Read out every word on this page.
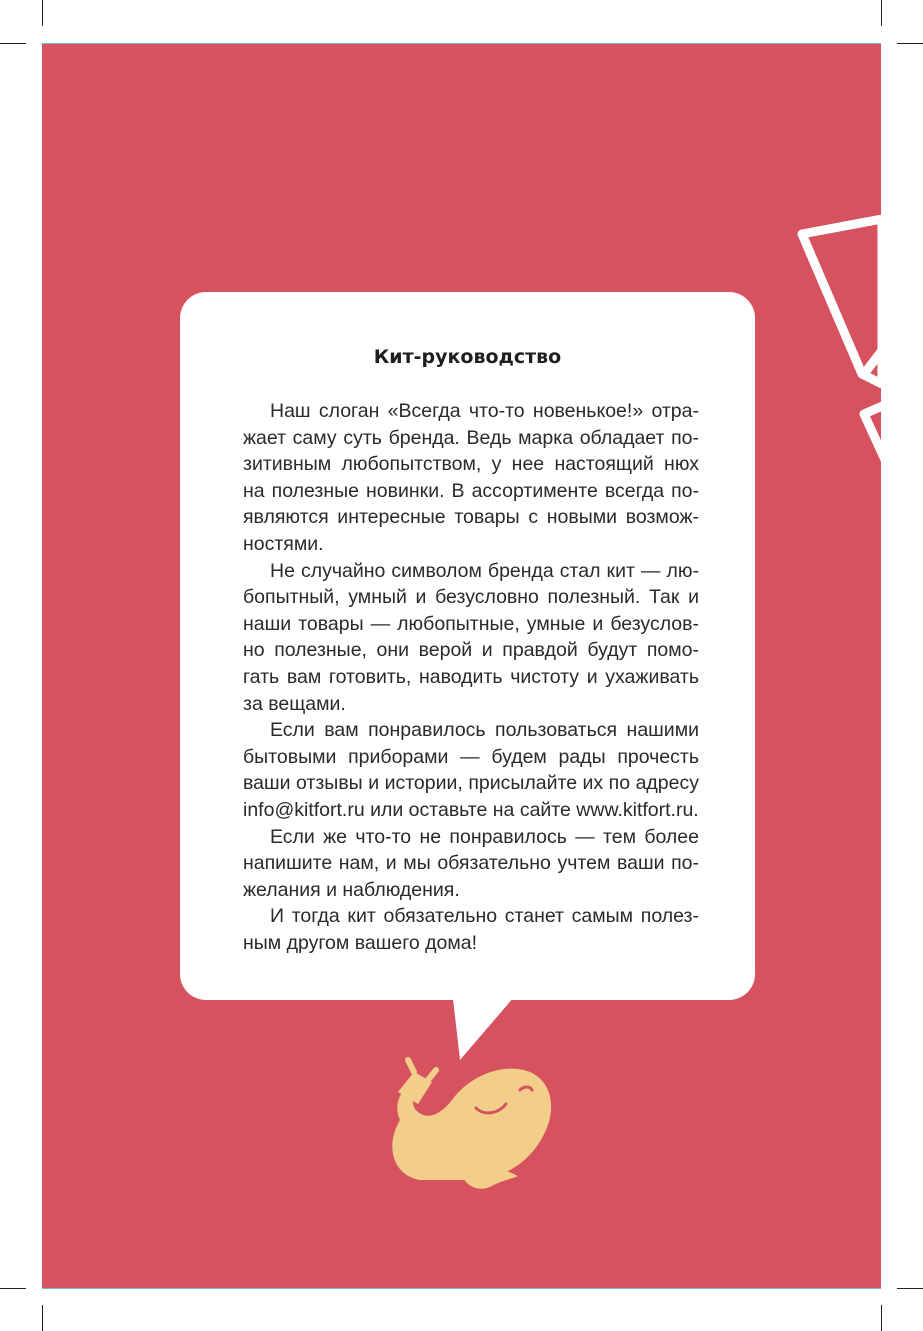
Кит-руководство

Наш слоган «Всегда что-то новенькое!» отражает саму суть бренда. Ведь марка обладает позитивным любопытством, у нее настоящий нюх на полезные новинки. В ассортименте всегда появляются интересные товары с новыми возможностями.

Не случайно символом бренда стал кит — любопытный, умный и безусловно полезный. Так и наши товары — любопытные, умные и безусловно полезные, они верой и правдой будут помогать вам готовить, наводить чистоту и ухаживать за вещами.

Если вам понравилось пользоваться нашими бытовыми приборами — будем рады прочесть ваши отзывы и истории, присылайте их по адресу info@kitfort.ru или оставьте на сайте www.kitfort.ru.

Если же что-то не понравилось — тем более напишите нам, и мы обязательно учтем ваши пожелания и наблюдения.

И тогда кит обязательно станет самым полезным другом вашего дома!
